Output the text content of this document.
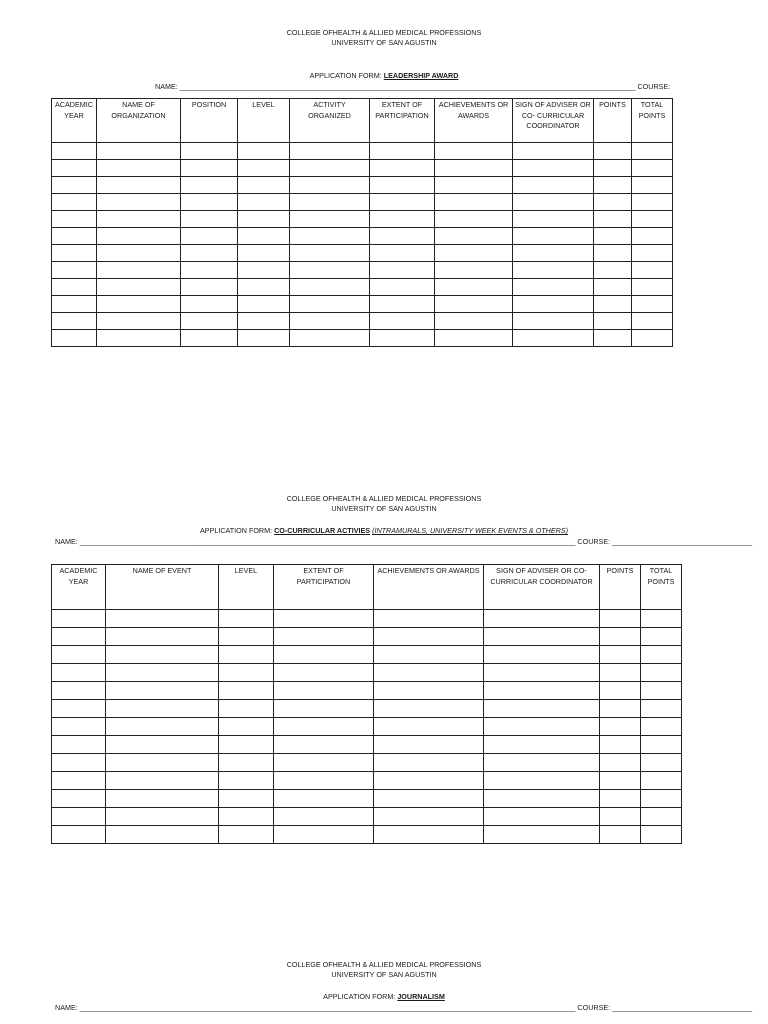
COLLEGE OFHEALTH & ALLIED MEDICAL PROFESSIONS
UNIVERSITY OF SAN AGUSTIN
APPLICATION FORM: LEADERSHIP AWARD
NAME: __________________________________________________________________________________________________________________ COURSE:
ACADEMIC YEAR	NAME OF ORGANIZATION	POSITION	LEVEL	ACTIVITY ORGANIZED	EXTENT OF PARTICIPATION	ACHIEVEMENTS OR AWARDS	SIGN OF ADVISER OR CO- CURRICULAR COORDINATOR	POINTS	TOTAL POINTS

COLLEGE OFHEALTH & ALLIED MEDICAL PROFESSIONS
UNIVERSITY OF SAN AGUSTIN
APPLICATION FORM: CO-CURRICULAR ACTIVIES (INTRAMURALS, UNIVERSITY WEEK EVENTS & OTHERS)
NAME: ____________________________________________________________________________________________________________________________ COURSE: ___________________________________
ACADEMIC YEAR	NAME OF EVENT	LEVEL	EXTENT OF PARTICIPATION	ACHIEVEMENTS OR AWARDS	SIGN OF ADVISER OR CO-CURRICULAR COORDINATOR	POINTS	TOTAL POINTS

COLLEGE OFHEALTH & ALLIED MEDICAL PROFESSIONS
UNIVERSITY OF SAN AGUSTIN
APPLICATION FORM: JOURNALISM
NAME: ____________________________________________________________________________________________________________________________ COURSE: ___________________________________
